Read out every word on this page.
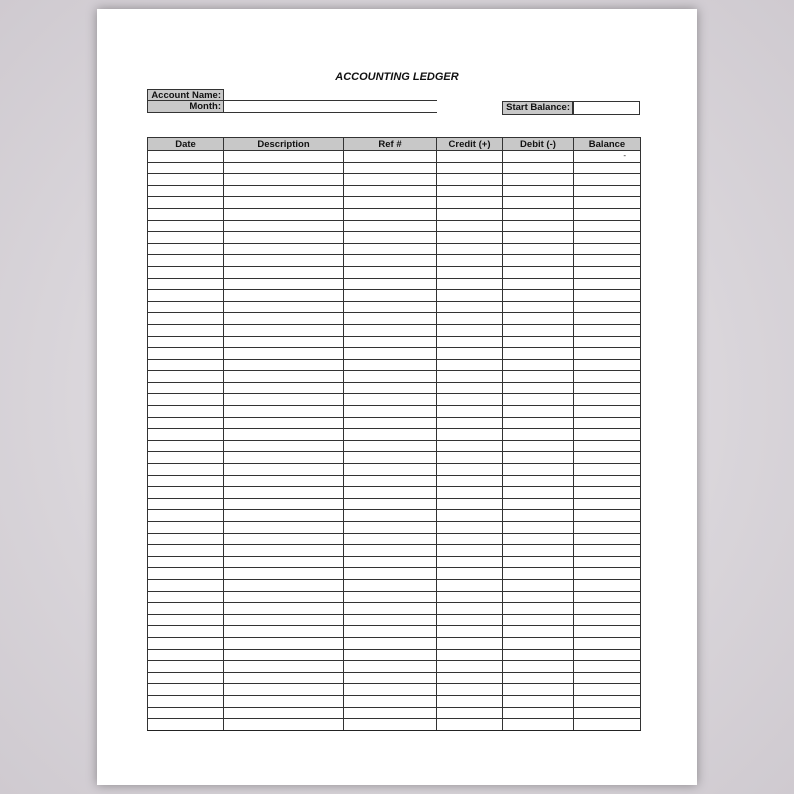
ACCOUNTING LEDGER
Account Name:
Month:	Start Balance:
Date	Description	Ref #	Credit (+)	Debit (-)	Balance
					-
